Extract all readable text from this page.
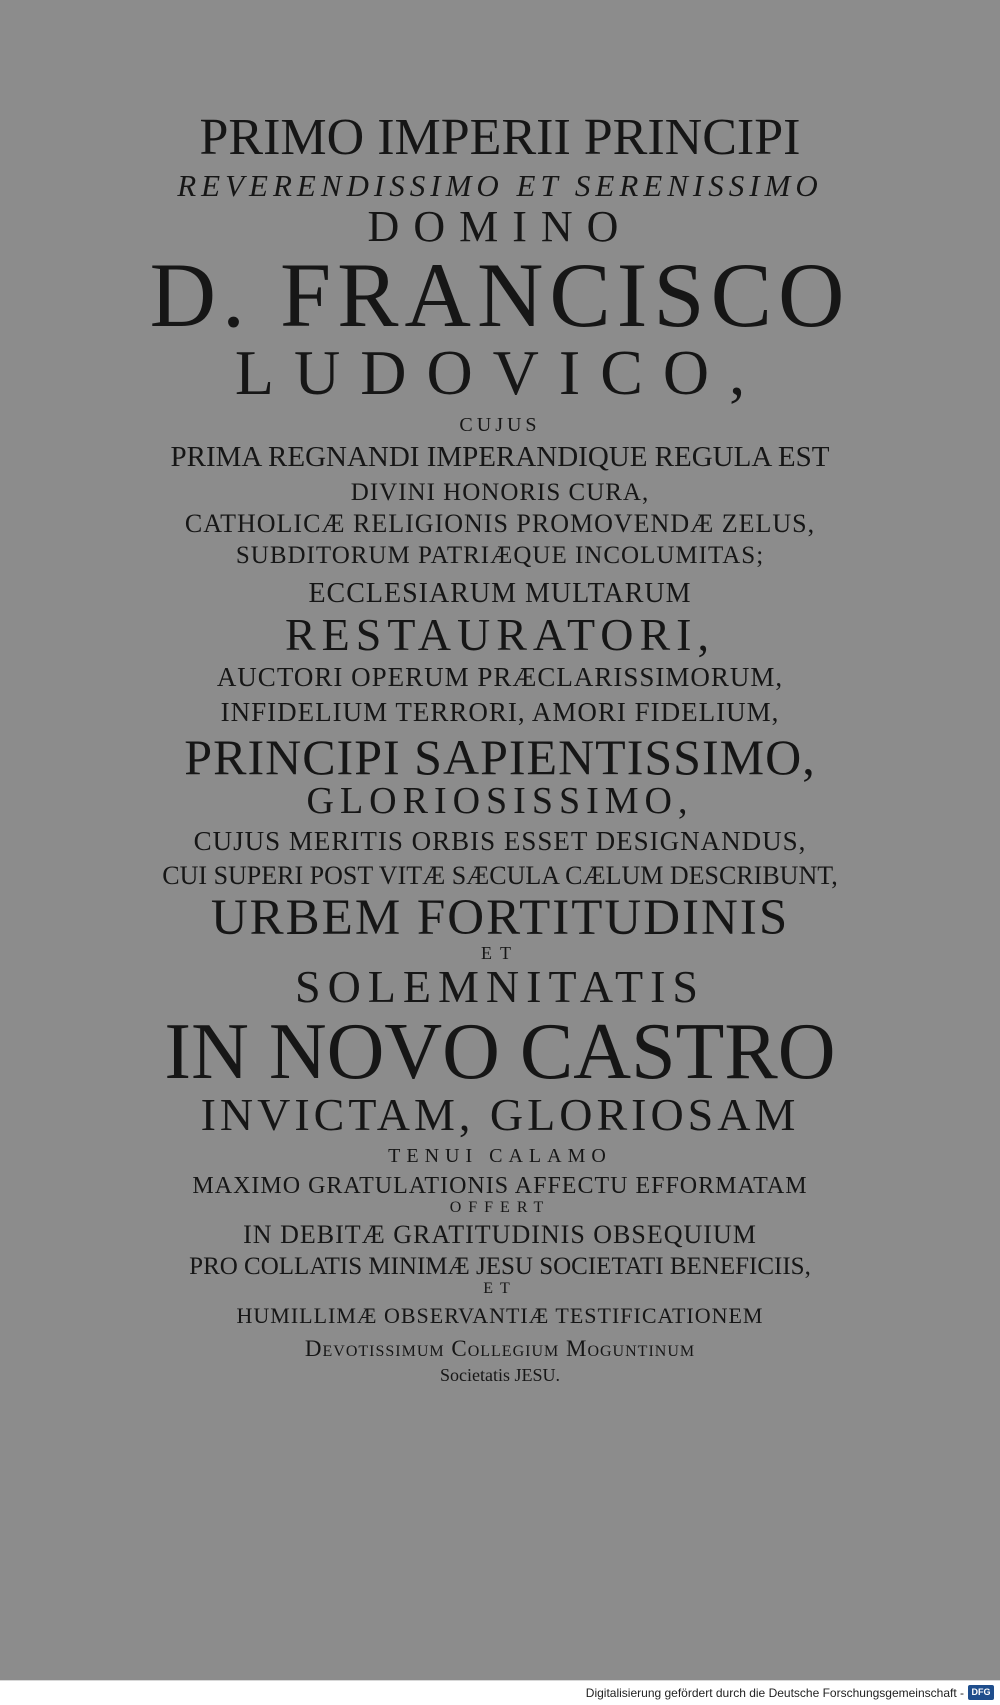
PRIMO IMPERII PRINCIPI

REVERENDISSIMO ET SERENISSIMO

DOMINO

D. FRANCISCO

LUDOVICO,

CUJUS

PRIMA REGNANDI IMPERANDIQUE REGULA EST

DIVINI HONORIS CURA,

CATHOLICÆ RELIGIONIS PROMOVENDÆ ZELUS,

SUBDITORUM PATRIÆQUE INCOLUMITAS;

ECCLESIARUM MULTARUM

RESTAURATORI,

AUCTORI OPERUM PRÆCLARISSIMORUM,

INFIDELIUM TERRORI, AMORI FIDELIUM,

PRINCIPI SAPIENTISSIMO,

GLORIOSISSIMO,

CUJUS MERITIS ORBIS ESSET DESIGNANDUS,

CUI SUPERI POST VITÆ SÆCULA CÆLUM DESCRIBUNT,

URBEM FORTITUDINIS

ET

SOLEMNITATIS

IN NOVO CASTRO

INVICTAM, GLORIOSAM

TENUI CALAMO

MAXIMO GRATULATIONIS AFFECTU EFFORMATAM

OFFERT

IN DEBITÆ GRATITUDINIS OBSEQUIUM

PRO COLLATIS MINIMÆ JESU SOCIETATI BENEFICIIS,

ET

HUMILLIMÆ OBSERVANTIÆ TESTIFICATIONEM

Devotissimum Collegium Moguntinum

Societatis JESU.

Digitalisierung gefördert durch die Deutsche Forschungsgemeinschaft - DFG
